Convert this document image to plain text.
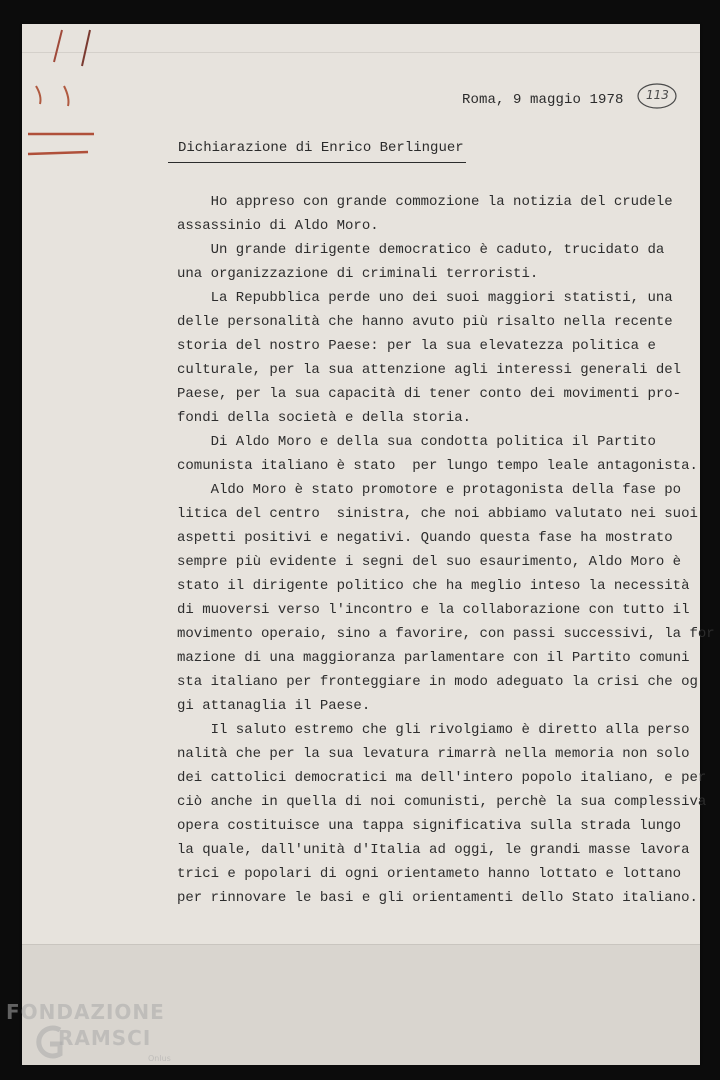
Roma, 9 maggio 1978 113
Dichiarazione di Enrico Berlinguer
Ho appreso con grande commozione la notizia del crudele
assassinio di Aldo Moro.
Un grande dirigente democratico è caduto, trucidato da
una organizzazione di criminali terroristi.
La Repubblica perde uno dei suoi maggiori statisti, una
delle personalità che hanno avuto più risalto nella recente
storia del nostro Paese: per la sua elevatezza politica e
culturale, per la sua attenzione agli interessi generali del
Paese, per la sua capacità di tener conto dei movimenti pro-
fondi della società e della storia.
Di Aldo Moro e della sua condotta politica il Partito
comunista italiano è stato  per lungo tempo leale antagonista.
Aldo Moro è stato promotore e protagonista della fase po
litica del centro  sinistra, che noi abbiamo valutato nei suoi
aspetti positivi e negativi. Quando questa fase ha mostrato
sempre più evidente i segni del suo esaurimento, Aldo Moro è
stato il dirigente politico che ha meglio inteso la necessità
di muoversi verso l'incontro e la collaborazione con tutto il
movimento operaio, sino a favorire, con passi successivi, la for
mazione di una maggioranza parlamentare con il Partito comuni
sta italiano per fronteggiare in modo adeguato la crisi che og
gi attanaglia il Paese.
Il saluto estremo che gli rivolgiamo è diretto alla perso
nalità che per la sua levatura rimarrà nella memoria non solo
dei cattolici democratici ma dell'intero popolo italiano, e per
ciò anche in quella di noi comunisti, perchè la sua complessiva
opera costituisce una tappa significativa sulla strada lungo
la quale, dall'unità d'Italia ad oggi, le grandi masse lavora
trici e popolari di ogni orientameto hanno lottato e lottano
per rinnovare le basi e gli orientamenti dello Stato italiano.
FONDAZIONE
RAMSCI
Onlus
